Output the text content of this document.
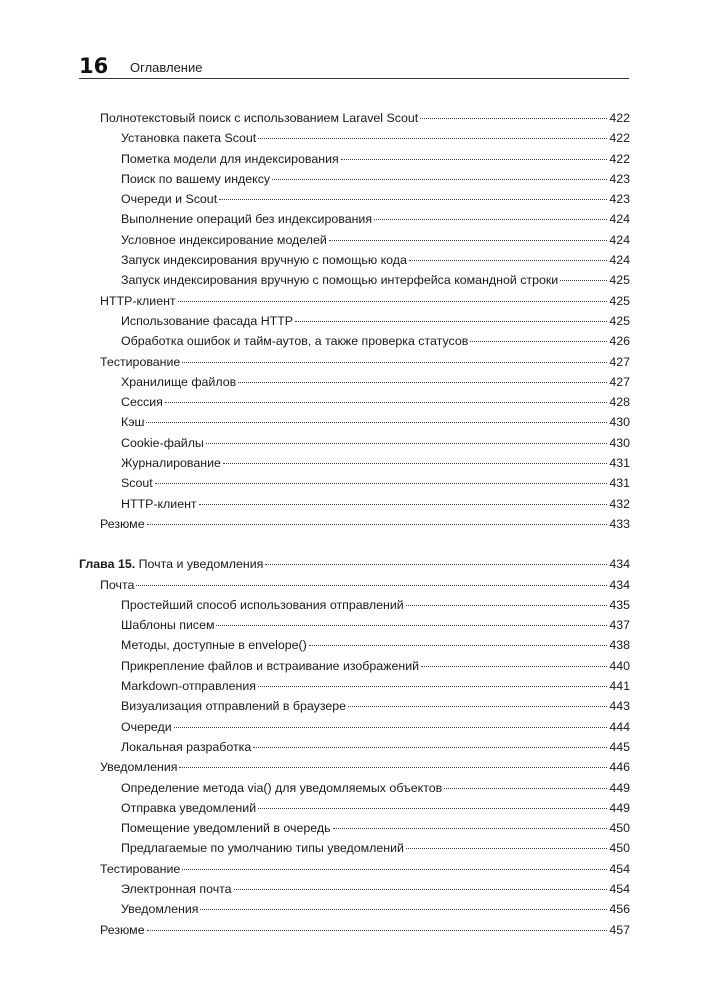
16 Оглавление
Полнотекстовый поиск с использованием Laravel Scout	422
Установка пакета Scout	422
Пометка модели для индексирования	422
Поиск по вашему индексу	423
Очереди и Scout	423
Выполнение операций без индексирования	424
Условное индексирование моделей	424
Запуск индексирования вручную с помощью кода	424
Запуск индексирования вручную с помощью интерфейса командной строки	425
HTTP-клиент	425
Использование фасада HTTP	425
Обработка ошибок и тайм-аутов, а также проверка статусов	426
Тестирование	427
Хранилище файлов	427
Сессия	428
Кэш	430
Cookie-файлы	430
Журналирование	431
Scout	431
HTTP-клиент	432
Резюме	433
Глава 15. Почта и уведомления	434
Почта	434
Простейший способ использования отправлений	435
Шаблоны писем	437
Методы, доступные в envelope()	438
Прикрепление файлов и встраивание изображений	440
Markdown-отправления	441
Визуализация отправлений в браузере	443
Очереди	444
Локальная разработка	445
Уведомления	446
Определение метода via() для уведомляемых объектов	449
Отправка уведомлений	449
Помещение уведомлений в очередь	450
Предлагаемые по умолчанию типы уведомлений	450
Тестирование	454
Электронная почта	454
Уведомления	456
Резюме	457
